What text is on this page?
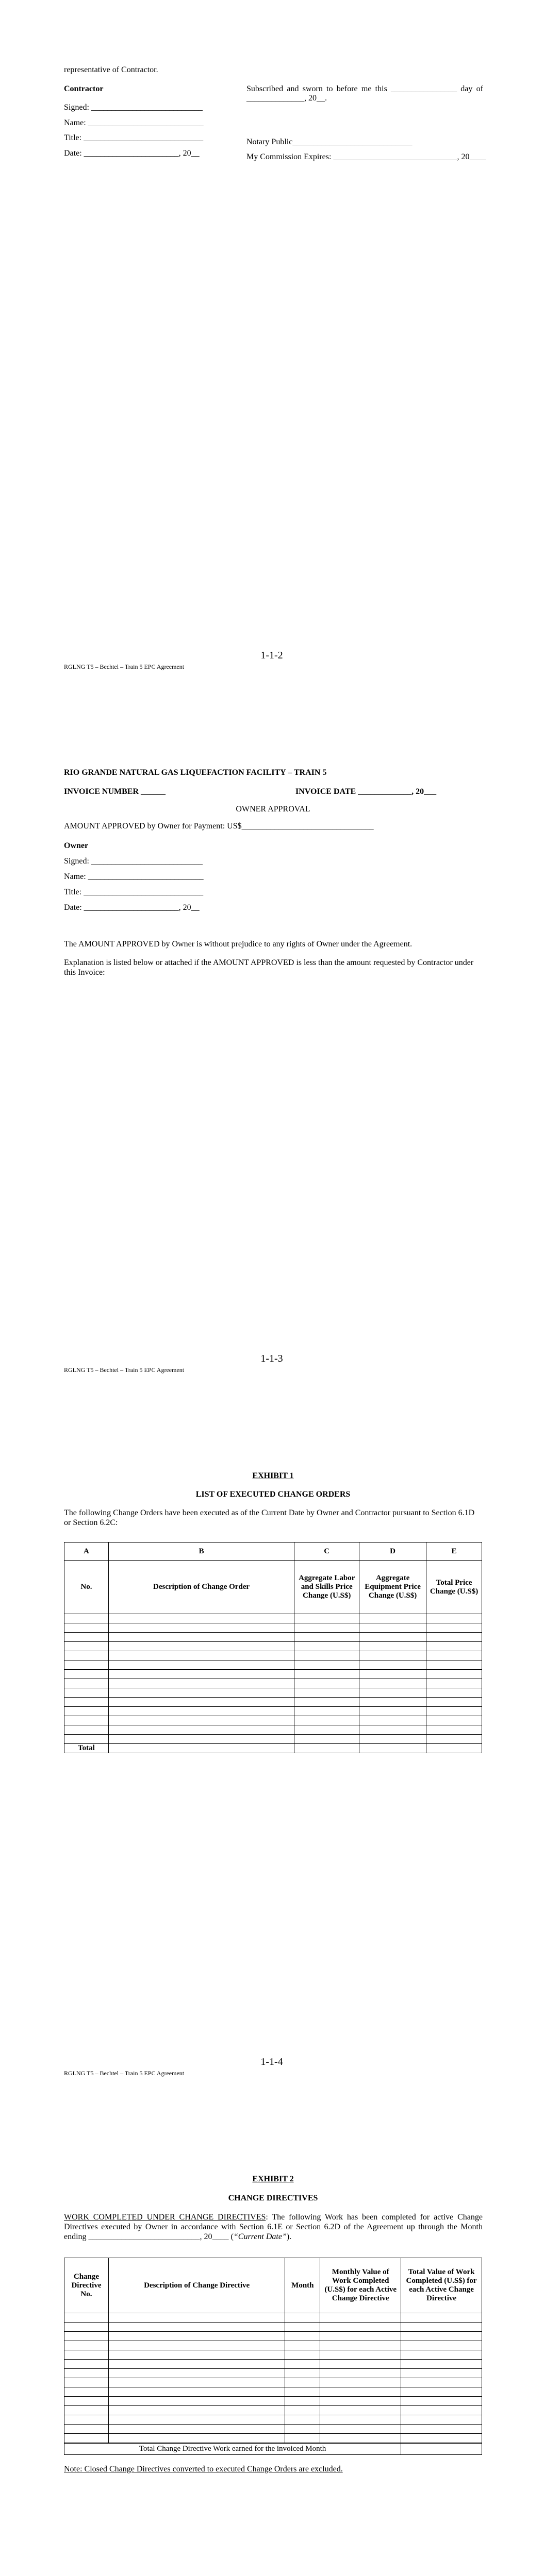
representative of Contractor.
Contractor
Signed: ___________________________
Name: ____________________________
Title: _____________________________
Date: _______________________, 20__
Subscribed and sworn to before me this ________________ day of
______________, 20__.
Notary Public_____________________________
My Commission Expires: ______________________________, 20____
1-1-2
RGLNG T5 – Bechtel – Train 5 EPC Agreement
RIO GRANDE NATURAL GAS LIQUEFACTION FACILITY – TRAIN 5
INVOICE NUMBER ______	INVOICE DATE _____________, 20___
OWNER APPROVAL
AMOUNT APPROVED by Owner for Payment: US$________________________________
Owner
Signed: ___________________________
Name: ____________________________
Title: _____________________________
Date: _______________________, 20__
The AMOUNT APPROVED by Owner is without prejudice to any rights of Owner under the Agreement.
Explanation is listed below or attached if the AMOUNT APPROVED is less than the amount requested by Contractor under this Invoice:
1-1-3
RGLNG T5 – Bechtel – Train 5 EPC Agreement
EXHIBIT 1
LIST OF EXECUTED CHANGE ORDERS
The following Change Orders have been executed as of the Current Date by Owner and Contractor pursuant to Section 6.1D or Section 6.2C:
A	B	C	D	E
No.	Description of Change Order	Aggregate Labor and Skills Price Change (U.S$)	Aggregate Equipment Price Change (U.S$)	Total Price Change (U.S$)

Total				
1-1-4
RGLNG T5 – Bechtel – Train 5 EPC Agreement
EXHIBIT 2
CHANGE DIRECTIVES
WORK COMPLETED UNDER CHANGE DIRECTIVES: The following Work has been completed for active Change Directives executed by Owner in accordance with Section 6.1E or Section 6.2D of the Agreement up through the Month ending ___________________________, 20____ (“Current Date”).
Change Directive No.	Description of Change Directive	Month	Monthly Value of Work Completed (U.S$) for each Active Change Directive	Total Value of Work Completed (U.S$) for each Active Change Directive

Total Change Directive Work earned for the invoiced Month	
Note: Closed Change Directives converted to executed Change Orders are excluded.
